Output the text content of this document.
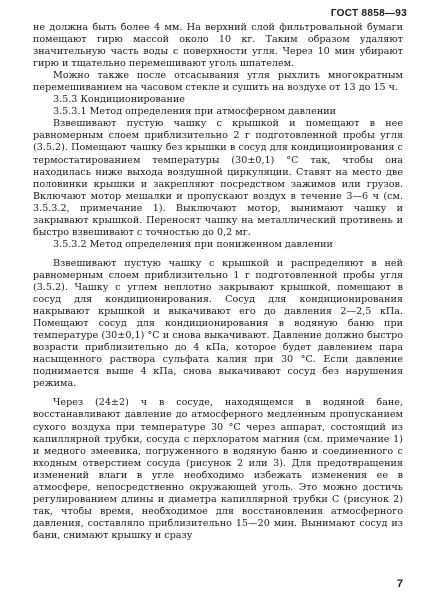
ГОСТ 8858—93

не должна быть более 4 мм. На верхний слой фильтровальной бумаги помещают гирю массой около 10 кг. Таким образом удаляют значительную часть воды с поверхности угля. Через 10 мин убирают гирю и тщательно перемешивают уголь шпателем.

Можно также после отсасывания угля рыхлить многократным перемешиванием на часовом стекле и сушить на воздухе от 13 до 15 ч.

3.5.3 Кондиционирование

3.5.3.1 Метод определения при атмосферном давлении

Взвешивают пустую чашку с крышкой и помещают в нее равномерным слоем приблизительно 2 г подготовленной пробы угля (3.5.2). Помещают чашку без крышки в сосуд для кондиционирования с термостатированием температуры (30±0,1) °С так, чтобы она находилась ниже выхода воздушной циркуляции. Ставят на место две половинки крышки и закрепляют посредством зажимов или грузов. Включают мотор мешалки и пропускают воздух в течение 3—6 ч (см. 3.5.3.2, примечание 1). Выключают мотор, вынимают чашку и закрывают крышкой. Переносят чашку на металлический противень и быстро взвешивают с точностью до 0,2 мг.

3.5.3.2 Метод определения при пониженном давлении

Взвешивают пустую чашку с крышкой и распределяют в ней равномерным слоем приблизительно 1 г подготовленной пробы угля (3.5.2). Чашку с углем неплотно закрывают крышкой, помещают в сосуд для кондиционирования. Сосуд для кондиционирования накрывают крышкой и выкачивают его до давления 2—2,5 кПа. Помещают сосуд для кондиционирования в водяную баню при температуре (30±0,1) °С и снова выкачивают. Давление должно быстро возрасти приблизительно до 4 кПа, которое будет давлением пара насыщенного раствора сульфата калия при 30 °С. Если давление поднимается выше 4 кПа, снова выкачивают сосуд без нарушения режима.

Через (24±2) ч в сосуде, находящемся в водяной бане, восстанавливают давление до атмосферного медленным пропусканием сухого воздуха при температуре 30 °С через аппарат, состоящий из капиллярной трубки, сосуда с перхлоратом магния (см. примечание 1) и медного змеевика, погруженного в водяную баню и соединенного с входным отверстием сосуда (рисунок 2 или 3). Для предотвращения изменений влаги в угле необходимо избежать изменения ее в атмосфере, непосредственно окружающей уголь. Это можно достичь регулированием длины и диаметра капиллярной трубки С (рисунок 2) так, чтобы время, необходимое для восстановления атмосферного давления, составляло приблизительно 15—20 мин. Вынимают сосуд из бани, снимают крышку и сразу

7
